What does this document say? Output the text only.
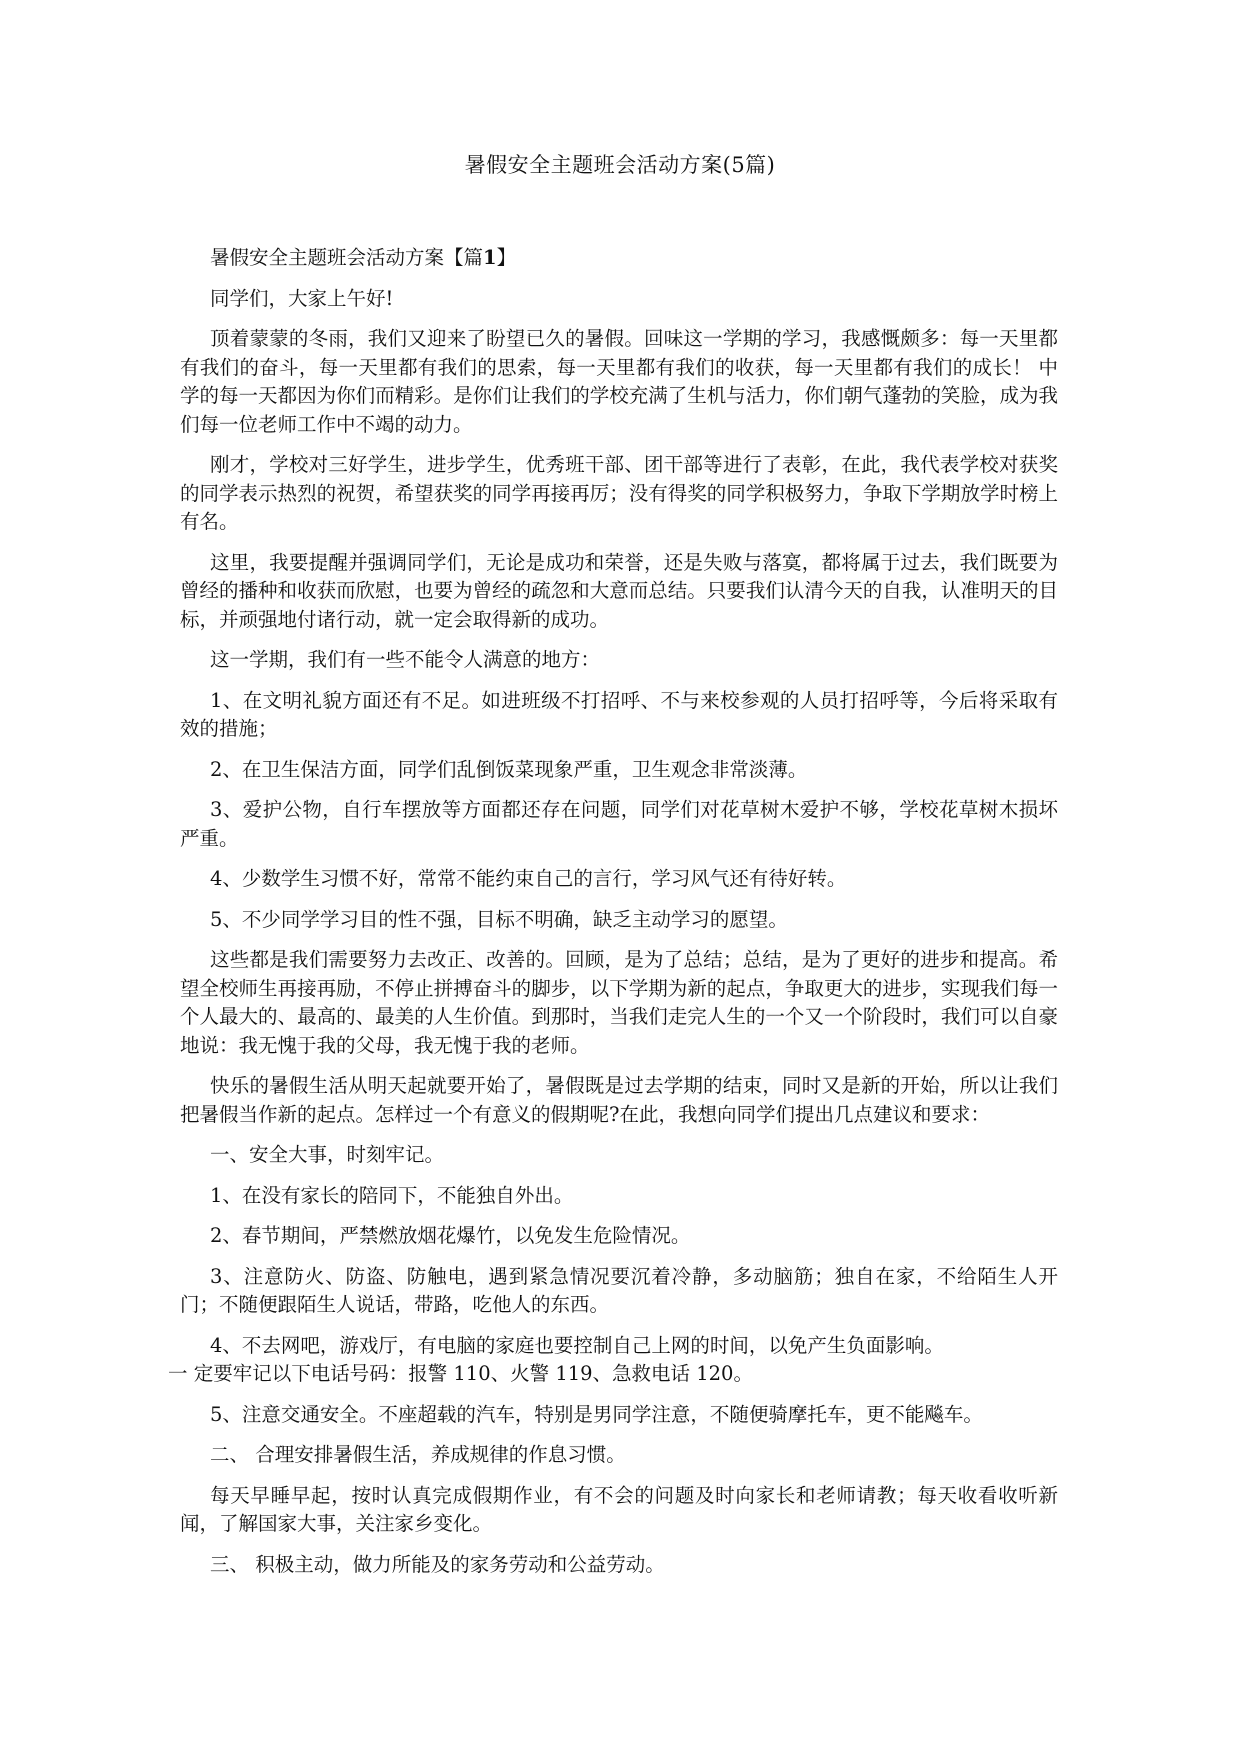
暑假安全主题班会活动方案(5篇)
暑假安全主题班会活动方案【篇1】
同学们，大家上午好!
顶着蒙蒙的冬雨，我们又迎来了盼望已久的暑假。回味这一学期的学习，我感慨颇多：每一天里都有我们的奋斗，每一天里都有我们的思索，每一天里都有我们的收获，每一天里都有我们的成长！ 中学的每一天都因为你们而精彩。是你们让我们的学校充满了生机与活力，你们朝气蓬勃的笑脸，成为我们每一位老师工作中不竭的动力。
刚才，学校对三好学生，进步学生，优秀班干部、团干部等进行了表彰，在此，我代表学校对获奖的同学表示热烈的祝贺，希望获奖的同学再接再厉；没有得奖的同学积极努力，争取下学期放学时榜上有名。
这里，我要提醒并强调同学们，无论是成功和荣誉，还是失败与落寞，都将属于过去，我们既要为曾经的播种和收获而欣慰，也要为曾经的疏忽和大意而总结。只要我们认清今天的自我，认准明天的目标，并顽强地付诸行动，就一定会取得新的成功。
这一学期，我们有一些不能令人满意的地方：
1、在文明礼貌方面还有不足。如进班级不打招呼、不与来校参观的人员打招呼等，今后将采取有效的措施；
2、在卫生保洁方面，同学们乱倒饭菜现象严重，卫生观念非常淡薄。
3、爱护公物，自行车摆放等方面都还存在问题，同学们对花草树木爱护不够，学校花草树木损坏严重。
4、少数学生习惯不好，常常不能约束自己的言行，学习风气还有待好转。
5、不少同学学习目的性不强，目标不明确，缺乏主动学习的愿望。
这些都是我们需要努力去改正、改善的。回顾，是为了总结；总结，是为了更好的进步和提高。希望全校师生再接再励，不停止拼搏奋斗的脚步，以下学期为新的起点，争取更大的进步，实现我们每一个人最大的、最高的、最美的人生价值。到那时，当我们走完人生的一个又一个阶段时，我们可以自豪地说：我无愧于我的父母，我无愧于我的老师。
快乐的暑假生活从明天起就要开始了，暑假既是过去学期的结束，同时又是新的开始，所以让我们把暑假当作新的起点。怎样过一个有意义的假期呢?在此，我想向同学们提出几点建议和要求：
一、安全大事，时刻牢记。
1、在没有家长的陪同下，不能独自外出。
2、春节期间，严禁燃放烟花爆竹，以免发生危险情况。
3、注意防火、防盗、防触电，遇到紧急情况要沉着冷静，多动脑筋；独自在家，不给陌生人开门；不随便跟陌生人说话，带路，吃他人的东西。
4、不去网吧，游戏厅，有电脑的家庭也要控制自己上网的时间，以免产生负面影响。
一 定要牢记以下电话号码：报警 110、火警 119、急救电话 120。
5、注意交通安全。不座超载的汽车，特别是男同学注意，不随便骑摩托车，更不能飚车。
二、 合理安排暑假生活，养成规律的作息习惯。
每天早睡早起，按时认真完成假期作业，有不会的问题及时向家长和老师请教；每天收看收听新闻，了解国家大事，关注家乡变化。
三、 积极主动，做力所能及的家务劳动和公益劳动。
